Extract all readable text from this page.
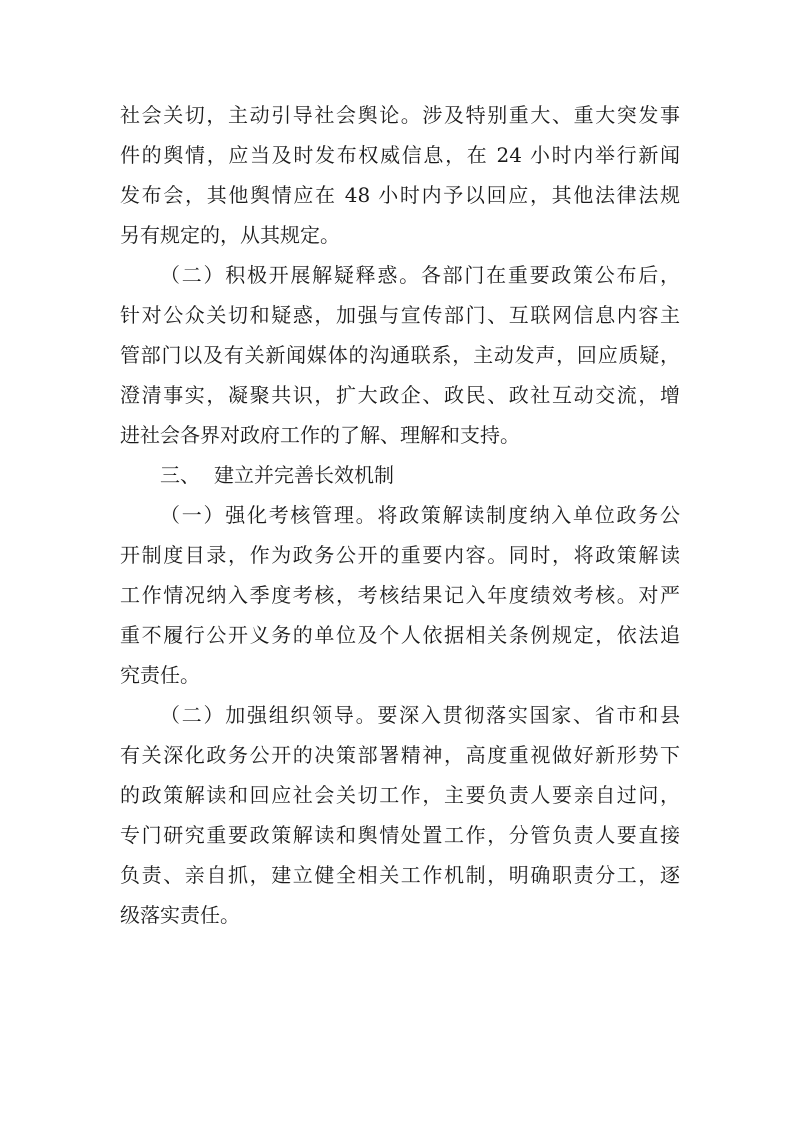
社会关切，主动引导社会舆论。涉及特别重大、重大突发事
件的舆情，应当及时发布权威信息，在 24 小时内举行新闻
发布会，其他舆情应在 48 小时内予以回应，其他法律法规
另有规定的，从其规定。
（二）积极开展解疑释惑。各部门在重要政策公布后，
针对公众关切和疑惑，加强与宣传部门、互联网信息内容主
管部门以及有关新闻媒体的沟通联系，主动发声，回应质疑，
澄清事实，凝聚共识，扩大政企、政民、政社互动交流，增
进社会各界对政府工作的了解、理解和支持。
三、 建立并完善长效机制
（一）强化考核管理。将政策解读制度纳入单位政务公
开制度目录，作为政务公开的重要内容。同时，将政策解读
工作情况纳入季度考核，考核结果记入年度绩效考核。对严
重不履行公开义务的单位及个人依据相关条例规定，依法追
究责任。
（二）加强组织领导。要深入贯彻落实国家、省市和县
有关深化政务公开的决策部署精神，高度重视做好新形势下
的政策解读和回应社会关切工作，主要负责人要亲自过问，
专门研究重要政策解读和舆情处置工作，分管负责人要直接
负责、亲自抓，建立健全相关工作机制，明确职责分工，逐
级落实责任。
